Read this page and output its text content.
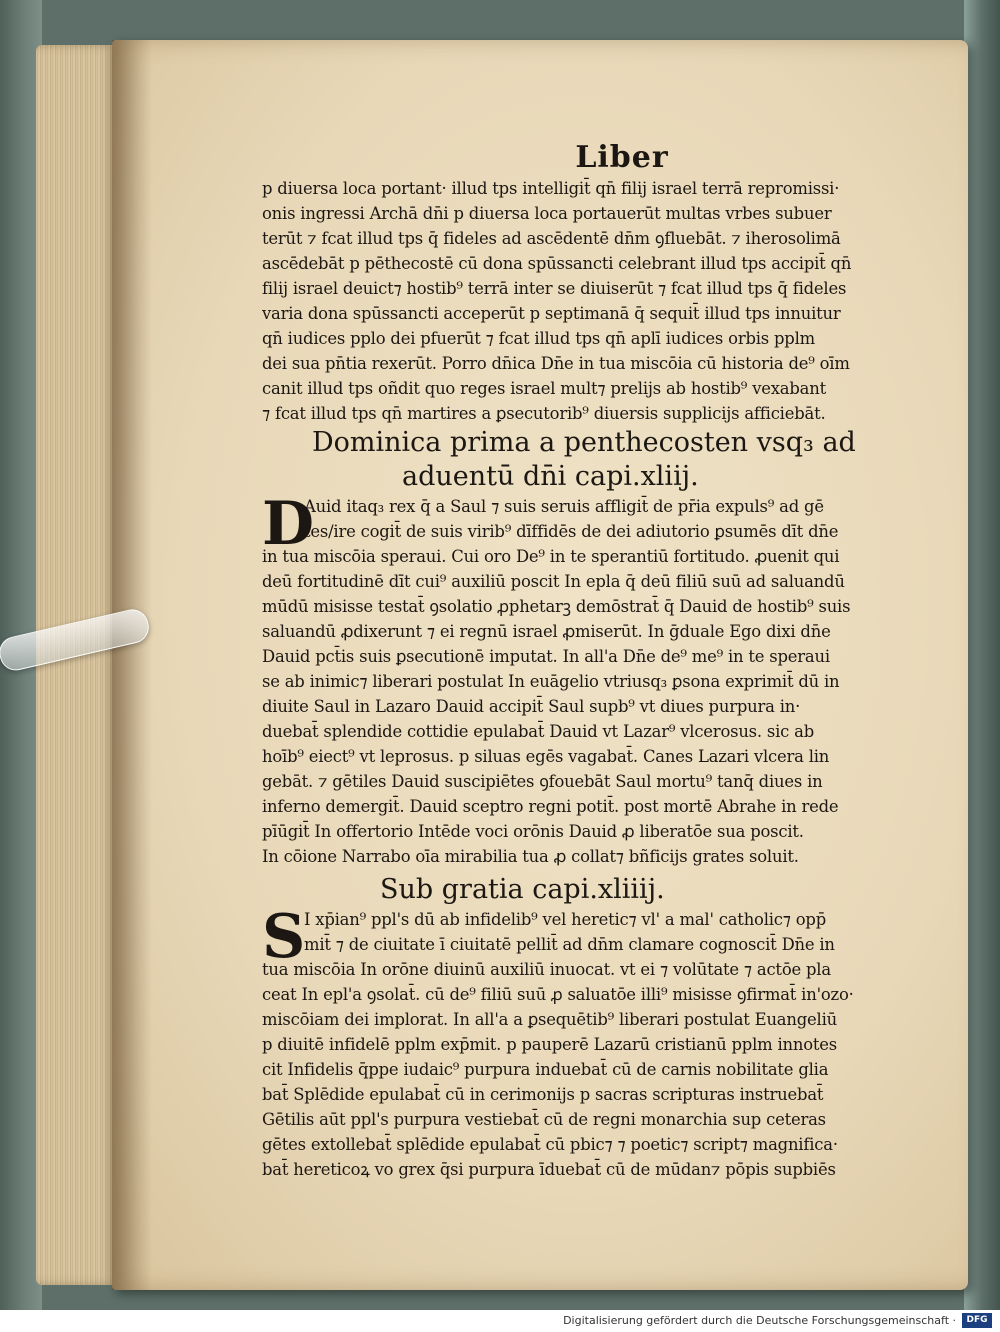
Liber
p diuersa loca portant· illud tps intelligit̄ qn̄ filij israel terrā repromissi·
onis ingressi Archā dn̄i p diuersa loca portauerūt multas vrbes subuer
terūt ⁊ fcat illud tps q̄ fideles ad ascēdentē dn̄m ꝯfluebāt. ⁊ iherosolimā
ascēdebāt p pēthecostē cū dona spūssancti celebrant illud tps accipit̄ qn̄
filij israel deuict⁊ hostib⁹ terrā inter se diuiserūt ⁊ fcat illud tps q̄ fideles
varia dona spūssancti acceperūt p septimanā q̄ sequit̄ illud tps innuitur
qn̄ iudices pplo dei pfuerūt ⁊ fcat illud tps qn̄ aplī iudices orbis pplm
dei sua pn̄tia rexerūt. Porro dn̄ica Dn̄e in tua miscōia cū historia de⁹ oīm
canit illud tps oñdit quo reges israel mult⁊ prelijs ab hostib⁹ vexabant
⁊ fcat illud tps qn̄ martires a ꝑsecutorib⁹ diuersis supplicijs afficiebāt.
Dominica prima a penthecosten vsq₃ ad
aduentū dn̄i capi.xliij.
D
Auid itaq₃ rex q̄ a Saul ⁊ suis seruis affligit̄ de pr̄ia expuls⁹ ad gē
tes/ire cogit̄ de suis virib⁹ dīffidēs de dei adiutorio ꝑsumēs dīt dn̄e
in tua miscōia speraui. Cui oro De⁹ in te sperantiū fortitudo. ꝓuenit qui
deū fortitudinē dīt cui⁹ auxiliū poscit In epla q̄ deū filiū suū ad saluandū
mūdū misisse testat̄ ꝯsolatio ꝓphetarꝫ demōstrat̄ q̄ Dauid de hostib⁹ suis
saluandū ꝓdixerunt ⁊ ei regnū israel ꝓmiserūt. In ḡduale Ego dixi dn̄e
Dauid pct̄is suis ꝑsecutionē imputat. In all'a Dn̄e de⁹ me⁹ in te speraui
se ab inimic⁊ liberari postulat In euāgelio vtriusq₃ ꝑsona exprimit̄ dū in
diuite Saul in Lazaro Dauid accipit̄ Saul supb⁹ vt diues purpura in·
duebat̄ splendide cottidie epulabat̄ Dauid vt Lazar⁹ vlcerosus. sic ab
hoīb⁹ eiect⁹ vt leprosus. p siluas egēs vagabat̄. Canes Lazari vlcera lin
gebāt. ⁊ gētiles Dauid suscipiētes ꝯfouebāt Saul mortu⁹ tanq̄ diues in
inferno demergit̄. Dauid sceptro regni potit̄. post mortē Abrahe in rede
pīūgit̄ In offertorio Intēde voci orōnis Dauid ꝓ liberatōe sua poscit.
In cōione Narrabo oīa mirabilia tua ꝓ collat⁊ bñficijs grates soluit.
Sub gratia capi.xliiij.
S
I xp̄ian⁹ ppl's dū ab infidelib⁹ vel heretic⁊ vl' a mal' catholic⁊ opp̄
mit̄ ⁊ de ciuitate ī ciuitatē pellit̄ ad dn̄m clamare cognoscit̄ Dn̄e in
tua miscōia In orōne diuinū auxiliū inuocat. vt ei ⁊ volūtate ⁊ actōe pla
ceat In epl'a ꝯsolat̄. cū de⁹ filiū suū ꝓ saluatōe illi⁹ misisse ꝯfirmat̄ in'ozo·
miscōiam dei implorat. In all'a a ꝑsequētib⁹ liberari postulat Euangeliū
p diuitē infidelē pplm exp̄mit. p pauperē Lazarū cristianū pplm innotes
cit Infidelis q̄ppe iudaic⁹ purpura induebat̄ cū de carnis nobilitate glia
bat̄ Splēdide epulabat̄ cū in cerimonijs p sacras scripturas instruebat̄
Gētilis aūt ppl's purpura vestiebat̄ cū de regni monarchia sup ceteras
gētes extollebat̄ splēdide epulabat̄ cū pbic⁊ ⁊ poetic⁊ script⁊ magnifica·
bat̄ hereticoꝝ vo grex q̄si purpura īduebat̄ cū de mūdan⁊ pōpis supbiēs
Digitalisierung gefördert durch die Deutsche Forschungsgemeinschaft ·	DFG
